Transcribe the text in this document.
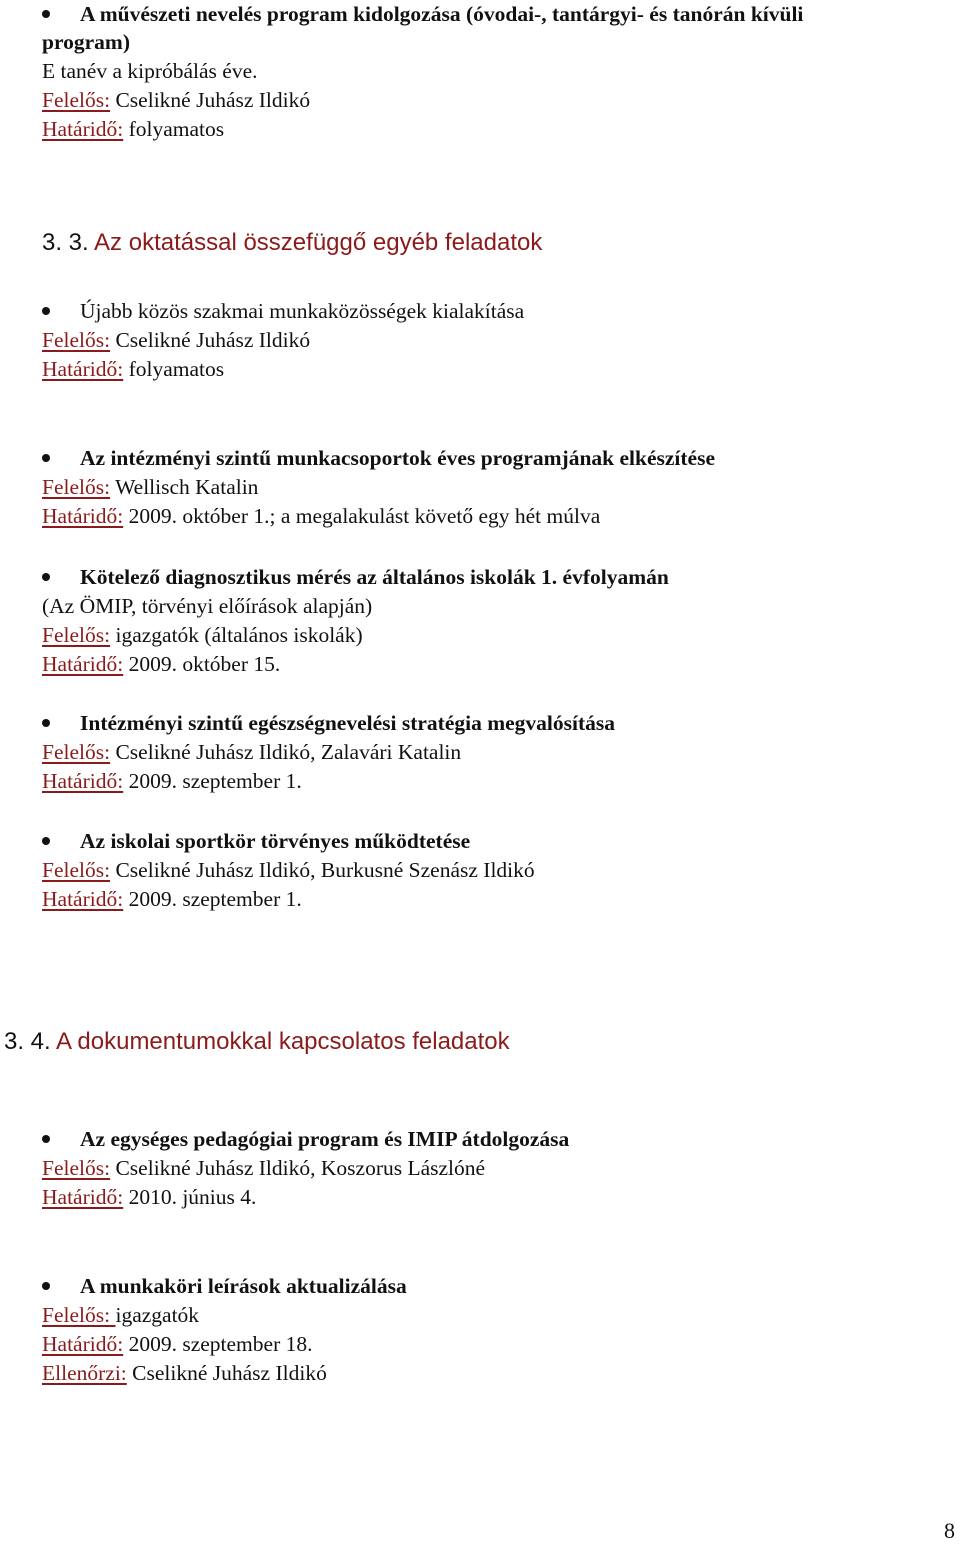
A művészeti nevelés program kidolgozása (óvodai-, tantárgyi- és tanórán kívüli
program)
E tanév a kipróbálás éve.
Felelős: Cselikné Juhász Ildikó
Határidő: folyamatos
3. 3. Az oktatással összefüggő egyéb feladatok
Újabb közös szakmai munkaközösségek kialakítása
Felelős: Cselikné Juhász Ildikó
Határidő: folyamatos
Az intézményi szintű munkacsoportok éves programjának elkészítése
Felelős: Wellisch Katalin
Határidő: 2009. október 1.; a megalakulást követő egy hét múlva
Kötelező diagnosztikus mérés az általános iskolák 1. évfolyamán
(Az ÖMIP, törvényi előírások alapján)
Felelős: igazgatók (általános iskolák)
Határidő: 2009. október 15.
Intézményi szintű egészségnevelési stratégia megvalósítása
Felelős: Cselikné Juhász Ildikó, Zalavári Katalin
Határidő: 2009. szeptember 1.
Az iskolai sportkör törvényes működtetése
Felelős: Cselikné Juhász Ildikó, Burkusné Szenász Ildikó
Határidő: 2009. szeptember 1.
3. 4. A dokumentumokkal kapcsolatos feladatok
Az egységes pedagógiai program és IMIP átdolgozása
Felelős: Cselikné Juhász Ildikó, Koszorus Lászlóné
Határidő: 2010. június 4.
A munkaköri leírások aktualizálása
Felelős: igazgatók
Határidő: 2009. szeptember 18.
Ellenőrzi: Cselikné Juhász Ildikó
8
